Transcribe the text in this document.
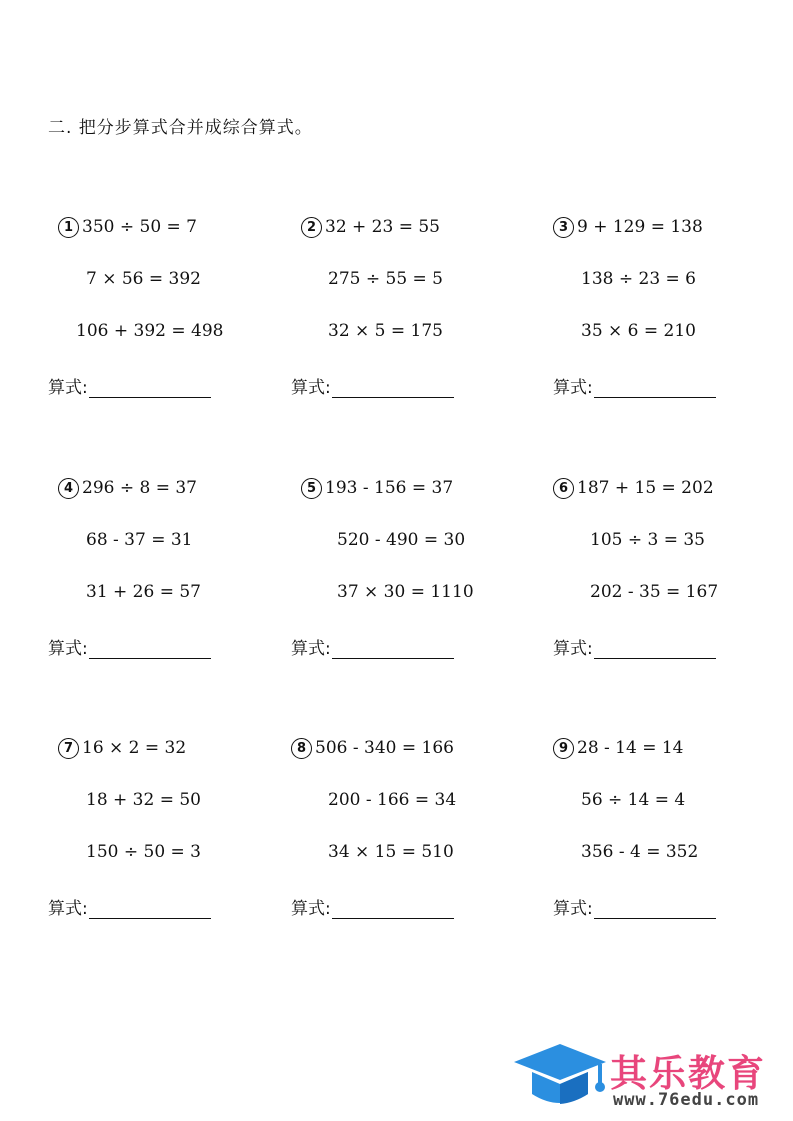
二. 把分步算式合并成综合算式。
1 350 ÷ 50 = 7
7 × 56 = 392
106 + 392 = 498
算式:
2 32 + 23 = 55
275 ÷ 55 = 5
32 × 5 = 175
算式:
3 9 + 129 = 138
138 ÷ 23 = 6
35 × 6 = 210
算式:
4 296 ÷ 8 = 37
68 - 37 = 31
31 + 26 = 57
算式:
5 193 - 156 = 37
520 - 490 = 30
37 × 30 = 1110
算式:
6 187 + 15 = 202
105 ÷ 3 = 35
202 - 35 = 167
算式:
7 16 × 2 = 32
18 + 32 = 50
150 ÷ 50 = 3
算式:
8 506 - 340 = 166
200 - 166 = 34
34 × 15 = 510
算式:
9 28 - 14 = 14
56 ÷ 14 = 4
356 - 4 = 352
算式:
其乐教育
www.76edu.com
